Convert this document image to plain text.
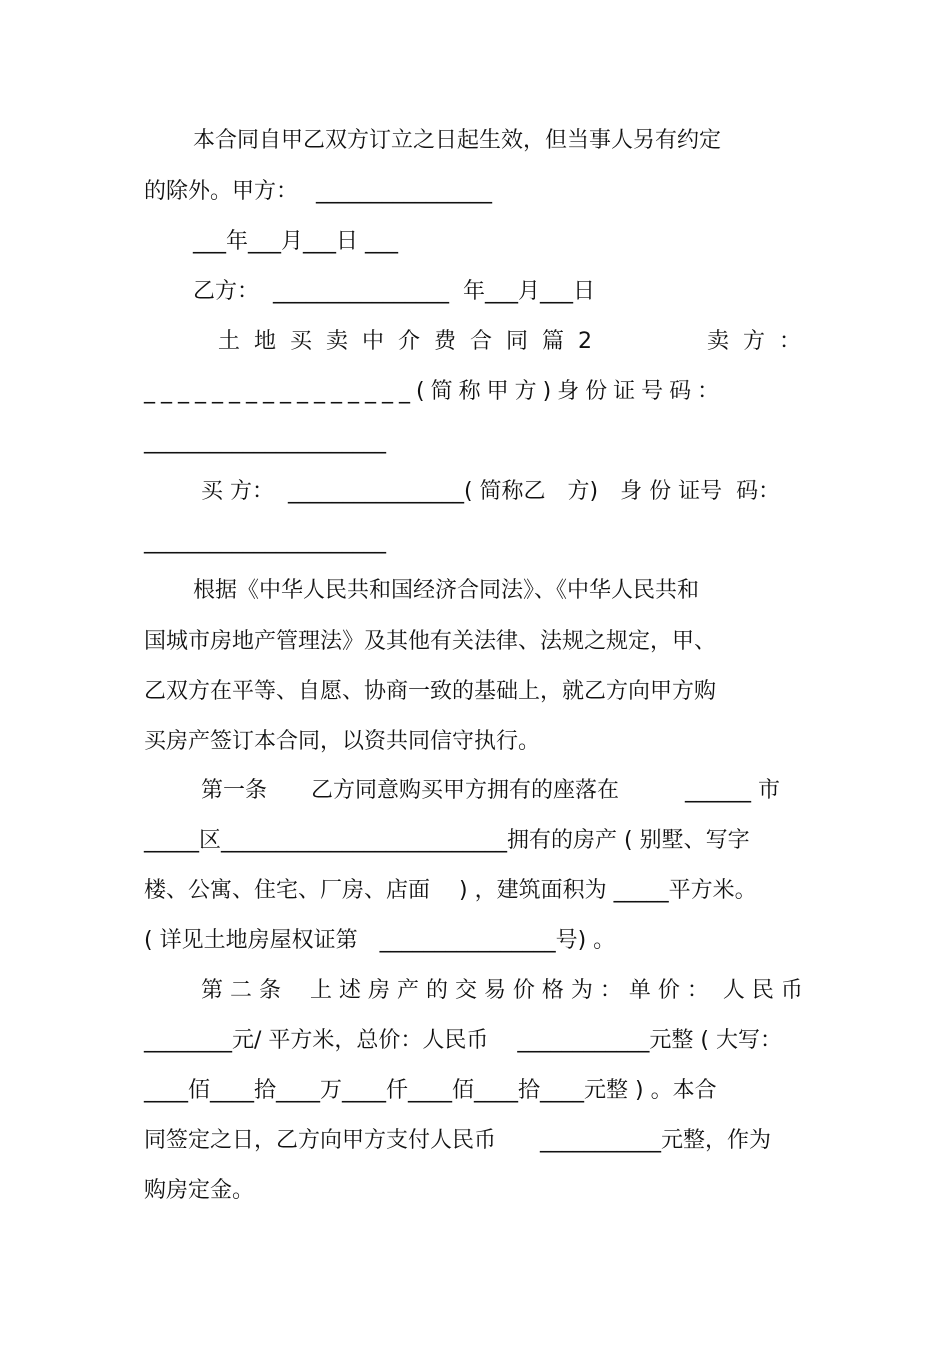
本合同自甲乙双方订立之日起生效，但当事人另有约定
的除外。甲方：　 ________________
___年___月___日 ___
乙方：  ________________  年___月___日
土地买卖中介费合同篇2	卖方：
________________(简称甲方)身份证号码：
______________________
买 方：  ________________( 简称乙　方)　身 份 证号  码：
______________________
根据《中华人民共和国经济合同法》、《中华人民共和
国城市房地产管理法》及其他有关法律、法规之规定，甲、
乙双方在平等、自愿、协商一致的基础上，就乙方向甲方购
买房产签订本合同，以资共同信守执行。
第一条　　乙方同意购买甲方拥有的座落在　　　______ 市
_____区__________________________拥有的房产 ( 别墅、写字
楼、公寓、住宅、厂房、店面　 ) ，建筑面积为 _____平方米。
( 详见土地房屋权证第　________________号) 。
第 二 条　 上 述 房 产 的 交 易 价 格 为 ： 单 价 ：  人 民 币
________元/ 平方米，总价：人民币　 ____________元整 ( 大写：
____佰____拾____万____仟____佰____拾____元整 ) 。本合
同签定之日，乙方向甲方支付人民币　　___________元整，作为
购房定金。
